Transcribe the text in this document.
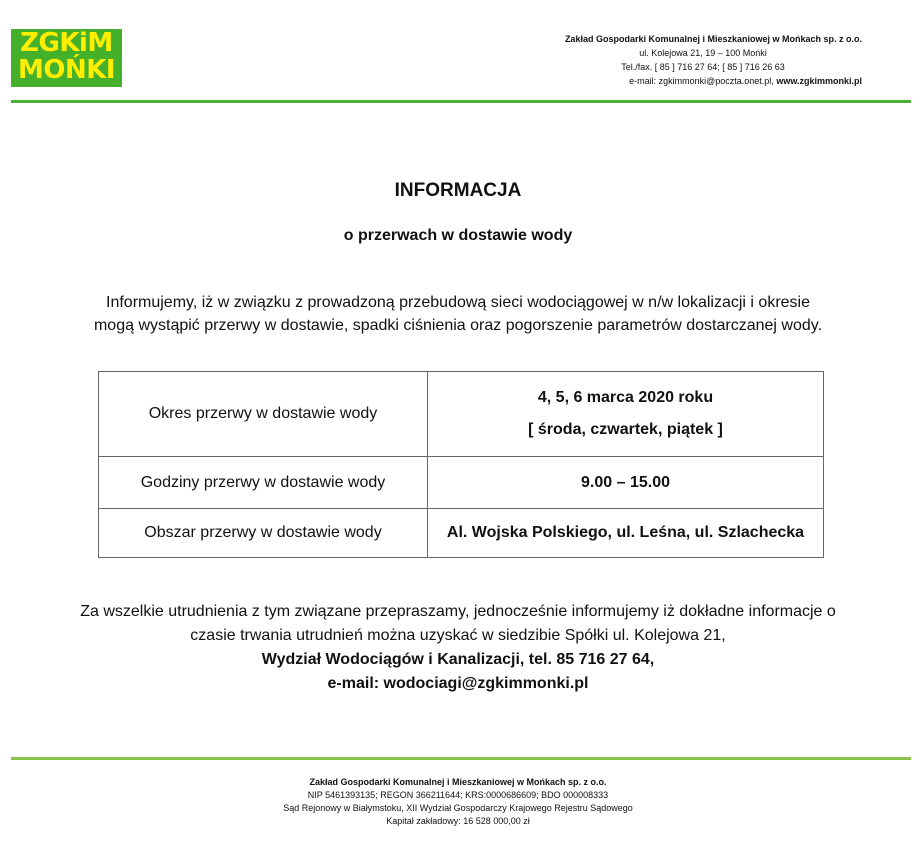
ZGKiM
MOŃKI
Zakład Gospodarki Komunalnej i Mieszkaniowej w Mońkach sp. z o.o.
ul. Kolejowa 21, 19 – 100 Mońki
Tel./fax. [ 85 ] 716 27 64; [ 85 ] 716 26 63
e-mail: zgkimmonki@poczta.onet.pl, www.zgkimmonki.pl
INFORMACJA
o przerwach w dostawie wody
Informujemy, iż w związku z prowadzoną przebudową sieci wodociągowej w n/w lokalizacji i okresie
mogą wystąpić przerwy w dostawie, spadki ciśnienia oraz pogorszenie parametrów dostarczanej wody.
Okres przerwy w dostawie wody	4, 5, 6 marca 2020 roku
[ środa, czwartek, piątek ]

Godziny przerwy w dostawie wody	9.00 – 15.00
Obszar przerwy w dostawie wody	Al. Wojska Polskiego, ul. Leśna, ul. Szlachecka
Za wszelkie utrudnienia z tym związane przepraszamy, jednocześnie informujemy iż dokładne informacje o
czasie trwania utrudnień można uzyskać w siedzibie Spółki ul. Kolejowa 21,
Wydział Wodociągów i Kanalizacji, tel. 85 716 27 64,
e-mail: wodociagi@zgkimmonki.pl
Zakład Gospodarki Komunalnej i Mieszkaniowej w Mońkach sp. z o.o.
NIP 5461393135; REGON 366211644; KRS:0000686609; BDO 000008333
Sąd Rejonowy w Białymstoku, XII Wydział Gospodarczy Krajowego Rejestru Sądowego
Kapitał zakładowy: 16 528 000,00 zł
